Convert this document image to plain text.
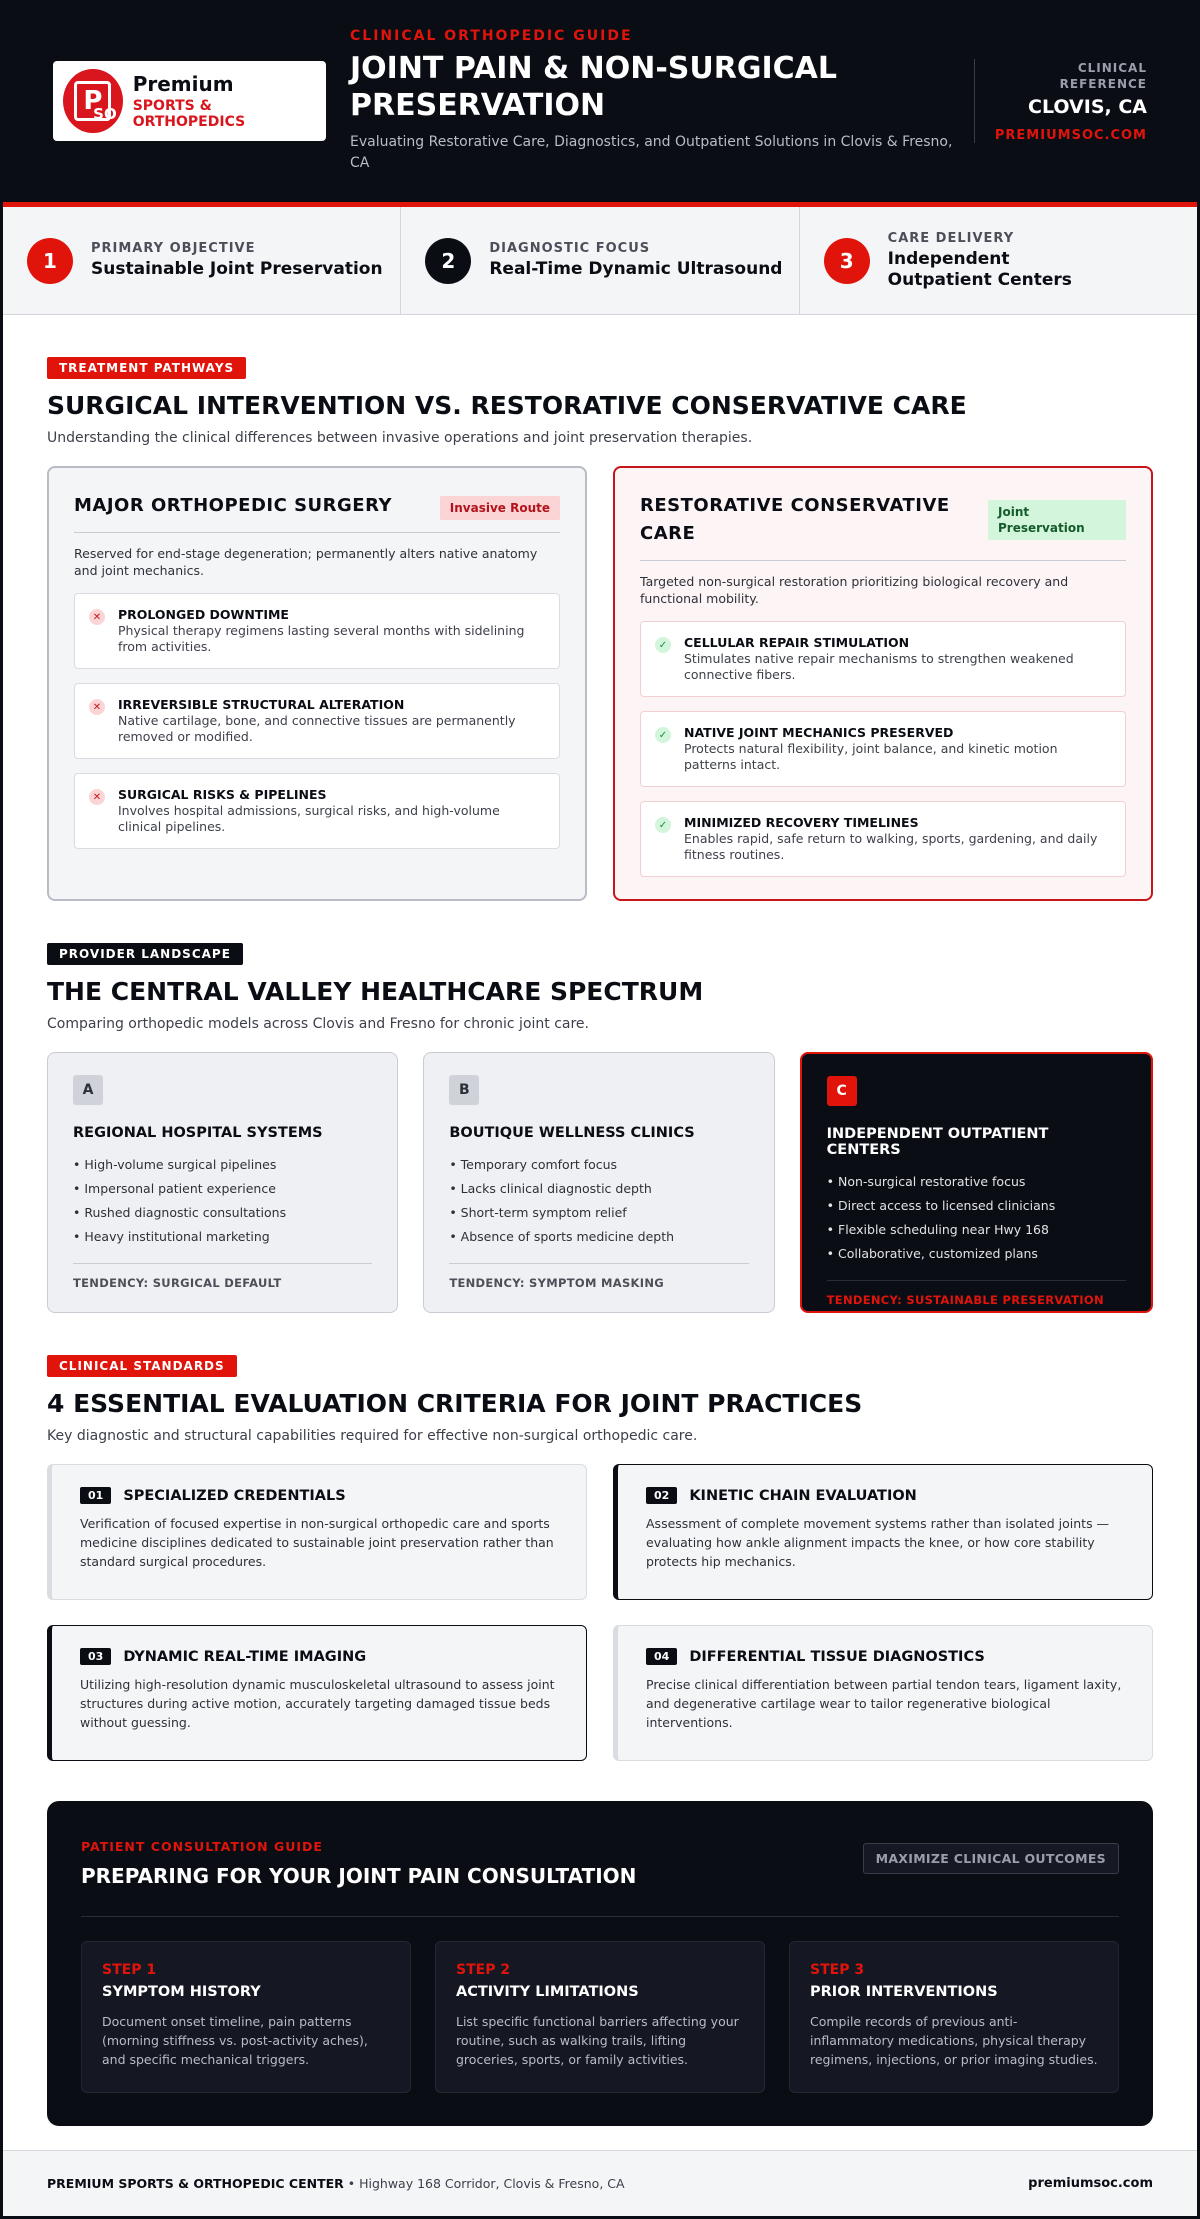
P
SO
Premium
SPORTS & ORTHOPEDICS
CLINICAL ORTHOPEDIC GUIDE
JOINT PAIN & NON-SURGICAL PRESERVATION
Evaluating Restorative Care, Diagnostics, and Outpatient Solutions in Clovis & Fresno, CA
CLINICAL REFERENCE
CLOVIS, CA
PREMIUMSOC.COM
1	PRIMARY OBJECTIVE
Sustainable Joint Preservation	2	DIAGNOSTIC FOCUS
Real-Time Dynamic Ultrasound	3
CARE DELIVERY
Independent Outpatient Centers
TREATMENT PATHWAYS
SURGICAL INTERVENTION VS. RESTORATIVE CONSERVATIVE CARE
Understanding the clinical differences between invasive operations and joint preservation therapies.
MAJOR ORTHOPEDIC SURGERY	Invasive Route
Reserved for end-stage degeneration; permanently alters native anatomy and joint mechanics.
✕	PROLONGED DOWNTIME
Physical therapy regimens lasting several months with sidelining from activities.
✕	IRREVERSIBLE STRUCTURAL ALTERATION
Native cartilage, bone, and connective tissues are permanently removed or modified.
✕	SURGICAL RISKS & PIPELINES
Involves hospital admissions, surgical risks, and high-volume clinical pipelines.
RESTORATIVE CONSERVATIVE CARE
Joint Preservation
Targeted non-surgical restoration prioritizing biological recovery and functional mobility.
✓	CELLULAR REPAIR STIMULATION
Stimulates native repair mechanisms to strengthen weakened connective fibers.
✓	NATIVE JOINT MECHANICS PRESERVED
Protects natural flexibility, joint balance, and kinetic motion patterns intact.
✓	MINIMIZED RECOVERY TIMELINES
Enables rapid, safe return to walking, sports, gardening, and daily fitness routines.
PROVIDER LANDSCAPE
THE CENTRAL VALLEY HEALTHCARE SPECTRUM
Comparing orthopedic models across Clovis and Fresno for chronic joint care.
A
REGIONAL HOSPITAL SYSTEMS
• High-volume surgical pipelines
• Impersonal patient experience
• Rushed diagnostic consultations
• Heavy institutional marketing
TENDENCY: SURGICAL DEFAULT
B
BOUTIQUE WELLNESS CLINICS
• Temporary comfort focus
• Lacks clinical diagnostic depth
• Short-term symptom relief
• Absence of sports medicine depth
TENDENCY: SYMPTOM MASKING
C
INDEPENDENT OUTPATIENT CENTERS
• Non-surgical restorative focus
• Direct access to licensed clinicians
• Flexible scheduling near Hwy 168
• Collaborative, customized plans
TENDENCY: SUSTAINABLE PRESERVATION
CLINICAL STANDARDS
4 ESSENTIAL EVALUATION CRITERIA FOR JOINT PRACTICES
Key diagnostic and structural capabilities required for effective non-surgical orthopedic care.
01	SPECIALIZED CREDENTIALS
Verification of focused expertise in non-surgical orthopedic care and sports medicine disciplines dedicated to sustainable joint preservation rather than standard surgical procedures.
02	KINETIC CHAIN EVALUATION
Assessment of complete movement systems rather than isolated joints — evaluating how ankle alignment impacts the knee, or how core stability protects hip mechanics.
03	DYNAMIC REAL-TIME IMAGING
Utilizing high-resolution dynamic musculoskeletal ultrasound to assess joint structures during active motion, accurately targeting damaged tissue beds without guessing.
04	DIFFERENTIAL TISSUE DIAGNOSTICS
Precise clinical differentiation between partial tendon tears, ligament laxity, and degenerative cartilage wear to tailor regenerative biological interventions.
PATIENT CONSULTATION GUIDE
PREPARING FOR YOUR JOINT PAIN CONSULTATION
MAXIMIZE CLINICAL OUTCOMES
STEP 1
SYMPTOM HISTORY
Document onset timeline, pain patterns (morning stiffness vs. post-activity aches), and specific mechanical triggers.
STEP 2
ACTIVITY LIMITATIONS
List specific functional barriers affecting your routine, such as walking trails, lifting groceries, sports, or family activities.
STEP 3
PRIOR INTERVENTIONS
Compile records of previous anti-inflammatory medications, physical therapy regimens, injections, or prior imaging studies.
PREMIUM SPORTS & ORTHOPEDIC CENTER • Highway 168 Corridor, Clovis & Fresno, CA	premiumsoc.com
